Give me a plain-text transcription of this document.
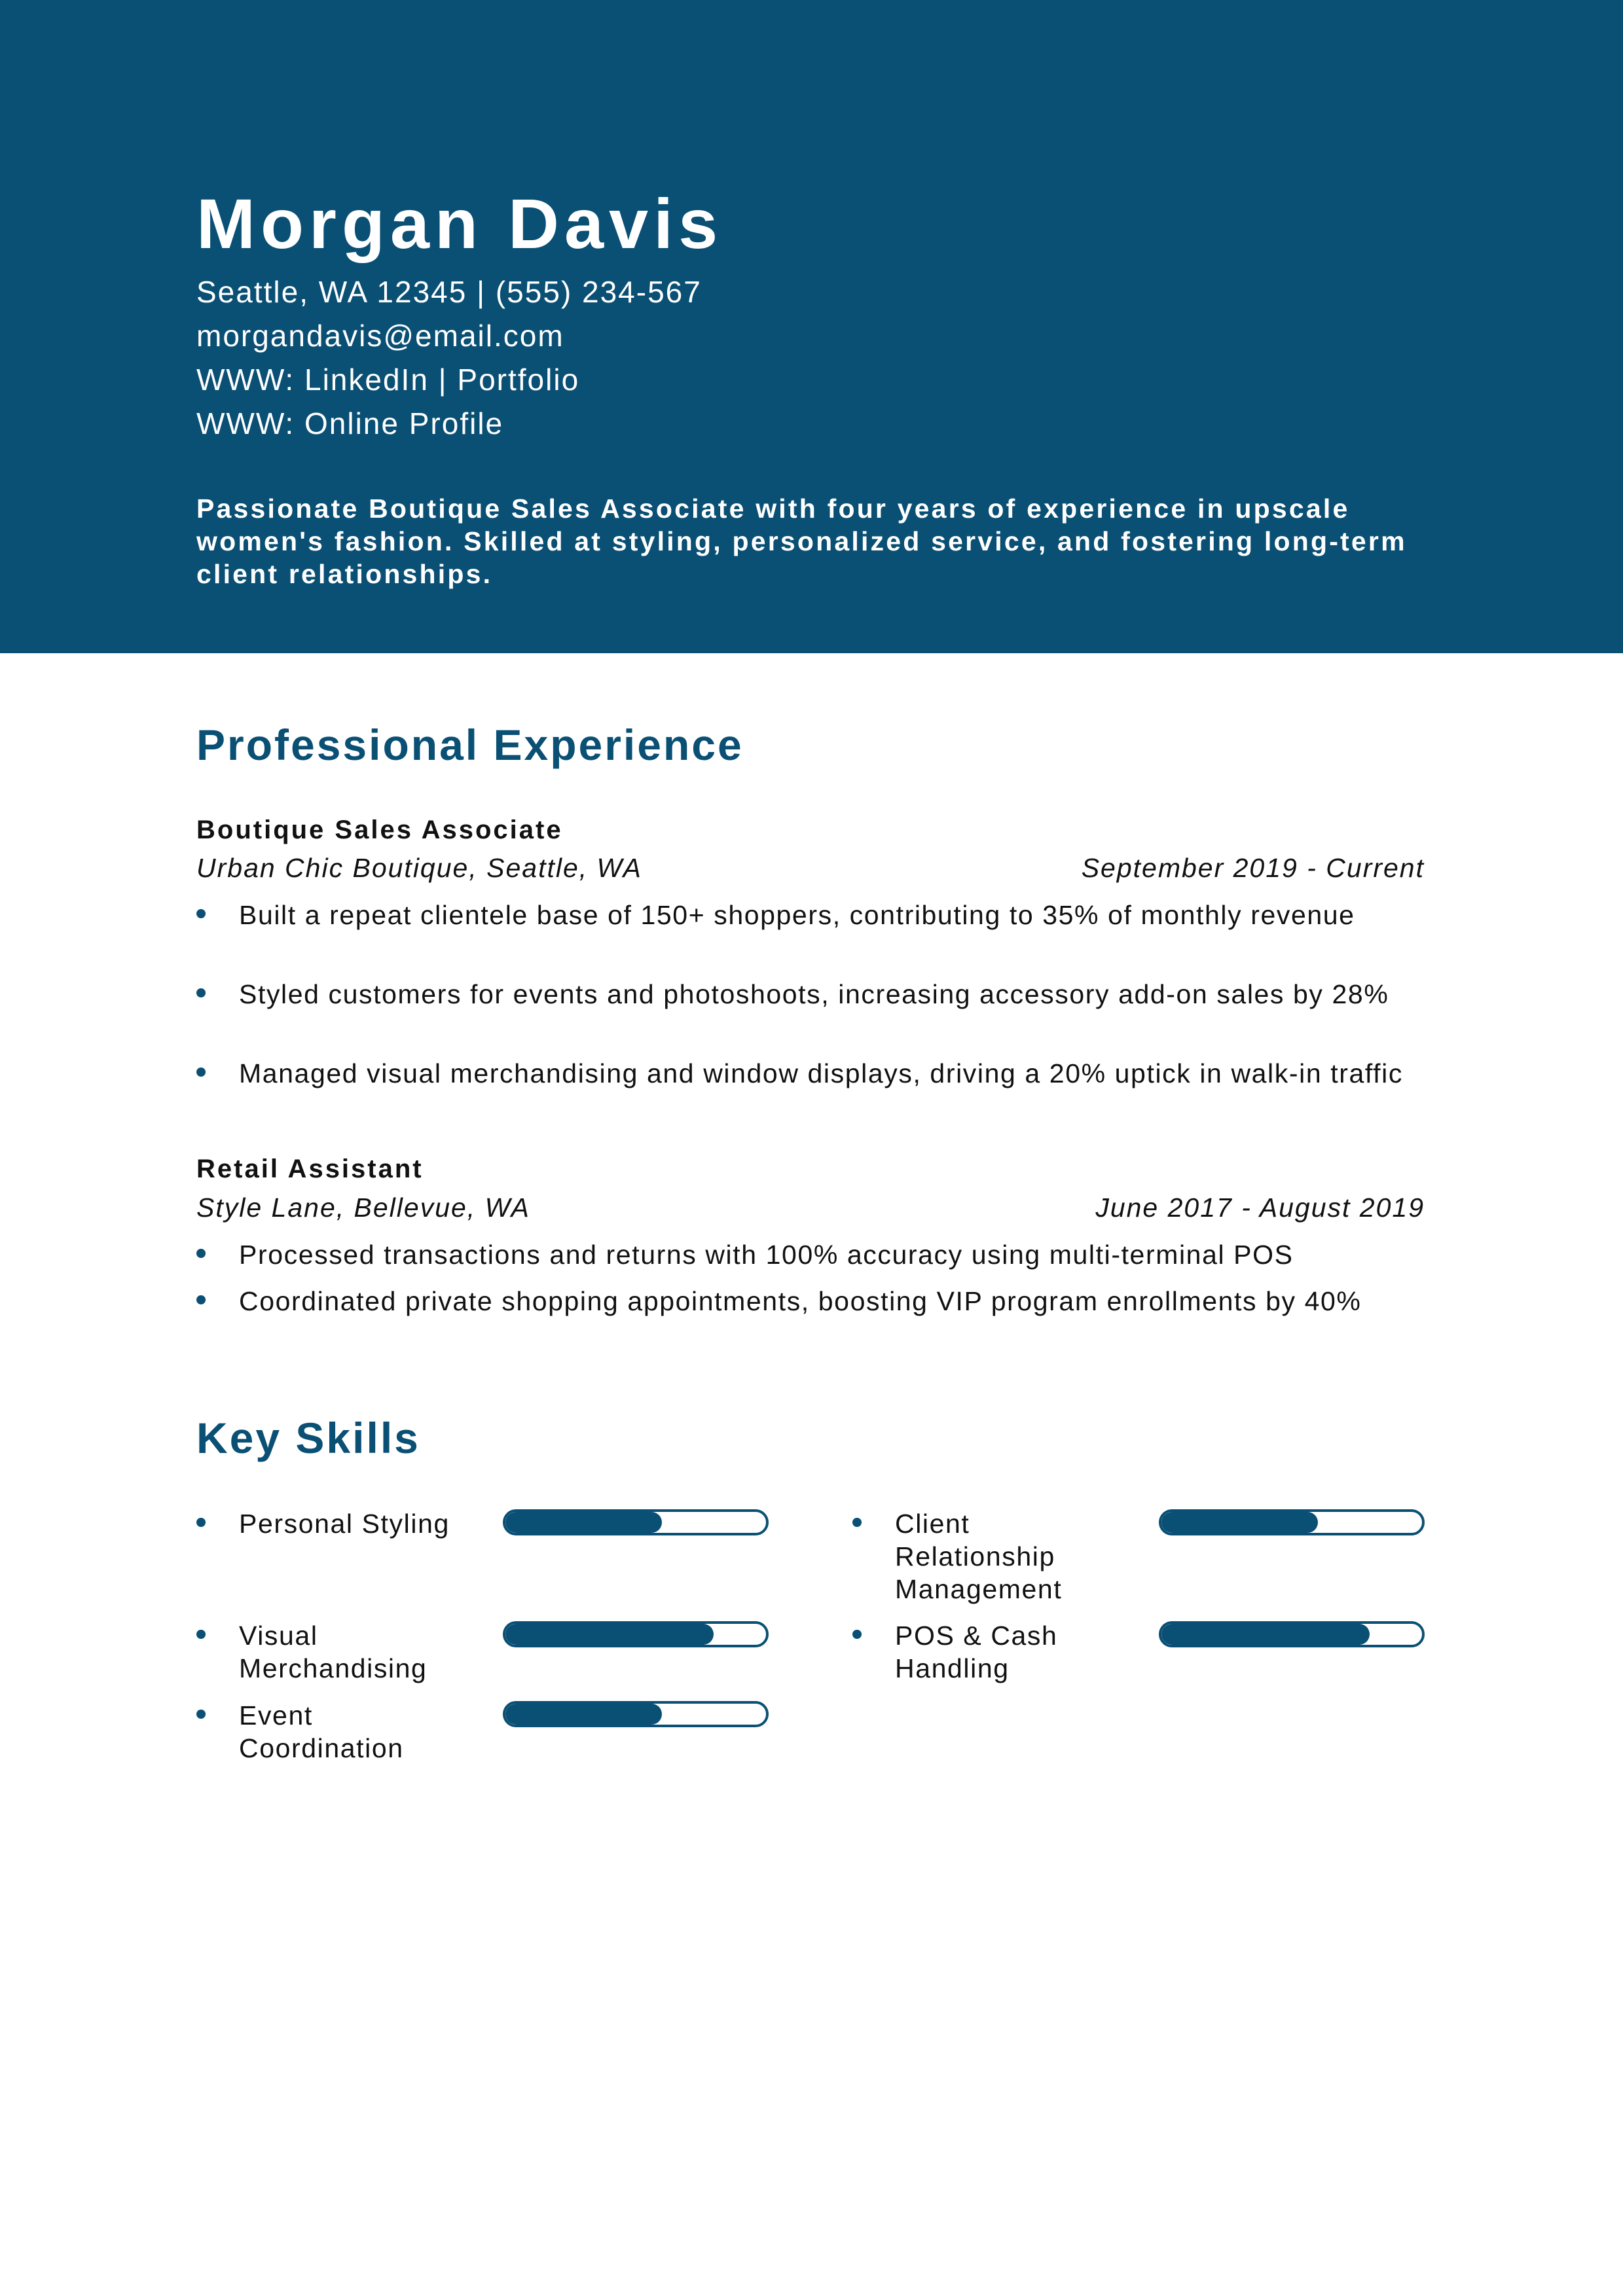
Morgan Davis
Seattle, WA 12345 | (555) 234-567
morgandavis@email.com
WWW: LinkedIn | Portfolio
WWW: Online Profile
Passionate Boutique Sales Associate with four years of experience in upscale women's fashion. Skilled at styling, personalized service, and fostering long-term client relationships.
Professional Experience
Boutique Sales Associate
Urban Chic Boutique, Seattle, WA	September 2019 - Current
Built a repeat clientele base of 150+ shoppers, contributing to 35% of monthly revenue
Styled customers for events and photoshoots, increasing accessory add-on sales by 28%
Managed visual merchandising and window displays, driving a 20% uptick in walk-in traffic
Retail Assistant
Style Lane, Bellevue, WA	June 2017 - August 2019
Processed transactions and returns with 100% accuracy using multi-terminal POS
Coordinated private shopping appointments, boosting VIP program enrollments by 40%
Key Skills
Personal Styling	Client Relationship Management
Visual Merchandising
POS & Cash Handling
Event Coordination
